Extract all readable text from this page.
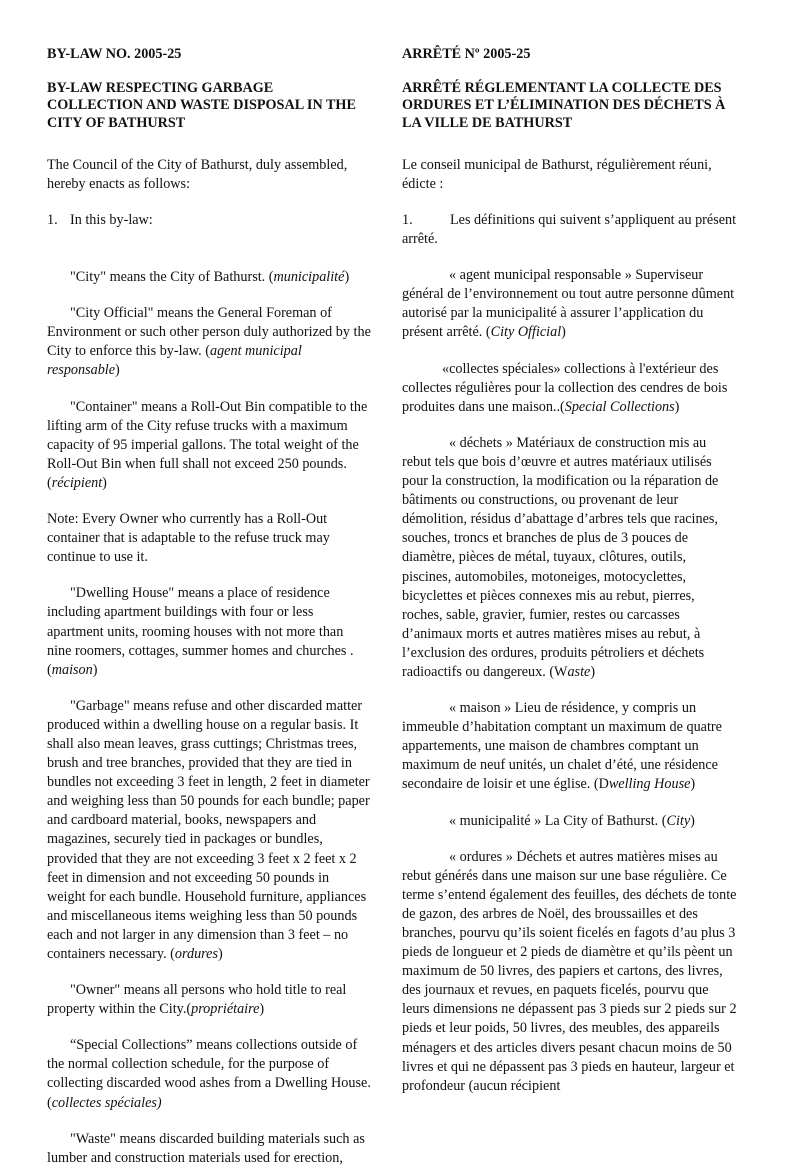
BY-LAW NO. 2005-25

BY-LAW RESPECTING GARBAGE COLLECTION AND WASTE DISPOSAL IN THE CITY OF BATHURST

The Council of the City of Bathurst, duly assembled, hereby enacts as follows:

1. In this by-law:

"City" means the City of Bathurst. (municipalité)

"City Official" means the General Foreman of Environment or such other person duly authorized by the City to enforce this by-law. (agent municipal responsable)

"Container" means a Roll-Out Bin compatible to the lifting arm of the City refuse trucks with a maximum capacity of 95 imperial gallons. The total weight of the Roll-Out Bin when full shall not exceed 250 pounds. (récipient)

Note: Every Owner who currently has a Roll-Out container that is adaptable to the refuse truck may continue to use it.

"Dwelling House" means a place of residence including apartment buildings with four or less apartment units, rooming houses with not more than nine roomers, cottages, summer homes and churches . (maison)

"Garbage" means refuse and other discarded matter produced within a dwelling house on a regular basis. It shall also mean leaves, grass cuttings; Christmas trees, brush and tree branches, provided that they are tied in bundles not exceeding 3 feet in length, 2 feet in diameter and weighing less than 50 pounds for each bundle; paper and cardboard material, books, newspapers and magazines, securely tied in packages or bundles, provided that they are not exceeding 3 feet x 2 feet x 2 feet in dimension and not exceeding 50 pounds in weight for each bundle. Household furniture, appliances and miscellaneous items weighing less than 50 pounds each and not larger in any dimension than 3 feet – no containers necessary. (ordures)

"Owner" means all persons who hold title to real property within the City.(propriétaire)

“Special Collections” means collections outside of the normal collection schedule, for the purpose of collecting discarded wood ashes from a Dwelling House. (collectes spéciales)

"Waste" means discarded building materials such as lumber and construction materials used for erection,

ARRÊTÉ Nº 2005-25

ARRÊTÉ RÉGLEMENTANT LA COLLECTE DES ORDURES ET L’ÉLIMINATION DES DÉCHETS À LA VILLE DE BATHURST

Le conseil municipal de Bathurst, régulièrement réuni, édicte :

1.	Les définitions qui suivent s’appliquent au présent arrêté.

« agent municipal responsable » Superviseur général de l’environnement ou tout autre personne dûment autorisé par la municipalité à assurer l’application du présent arrêté. (City Official)

«collectes spéciales» collections à l'extérieur des collectes régulières pour la collection des cendres de bois produites dans une maison..(Special Collections)

« déchets » Matériaux de construction mis au rebut tels que bois d’œuvre et autres matériaux utilisés pour la construction, la modification ou la réparation de bâtiments ou constructions, ou provenant de leur démolition, résidus d’abattage d’arbres tels que racines, souches, troncs et branches de plus de 3 pouces de diamètre, pièces de métal, tuyaux, clôtures, outils, piscines, automobiles, motoneiges, motocyclettes, bicyclettes et pièces connexes mis au rebut, pierres, roches, sable, gravier, fumier, restes ou carcasses d’animaux morts et autres matières mises au rebut, à l’exclusion des ordures, produits pétroliers et déchets radioactifs ou dangereux. (Waste)

« maison » Lieu de résidence, y compris un immeuble d’habitation comptant un maximum de quatre appartements, une maison de chambres comptant un maximum de neuf unités, un chalet d’été, une résidence secondaire de loisir et une église. (Dwelling House)

« municipalité » La City of Bathurst. (City)

« ordures » Déchets et autres matières mises au rebut générés dans une maison sur une base régulière. Ce terme s’entend également des feuilles, des déchets de tonte de gazon, des arbres de Noël, des broussailles et des branches, pourvu qu’ils soient ficelés en fagots d’au plus 3 pieds de longueur et 2 pieds de diamètre et qu’ils pèent un maximum de 50 livres, des papiers et cartons, des livres, des journaux et revues, en paquets ficelés, pourvu que leurs dimensions ne dépassent pas 3 pieds sur 2 pieds sur 2 pieds et leur poids, 50 livres, des meubles, des appareils ménagers et des articles divers pesant chacun moins de 50 livres et qui ne dépassent pas 3 pieds en hauteur, largeur et profondeur (aucun récipient
